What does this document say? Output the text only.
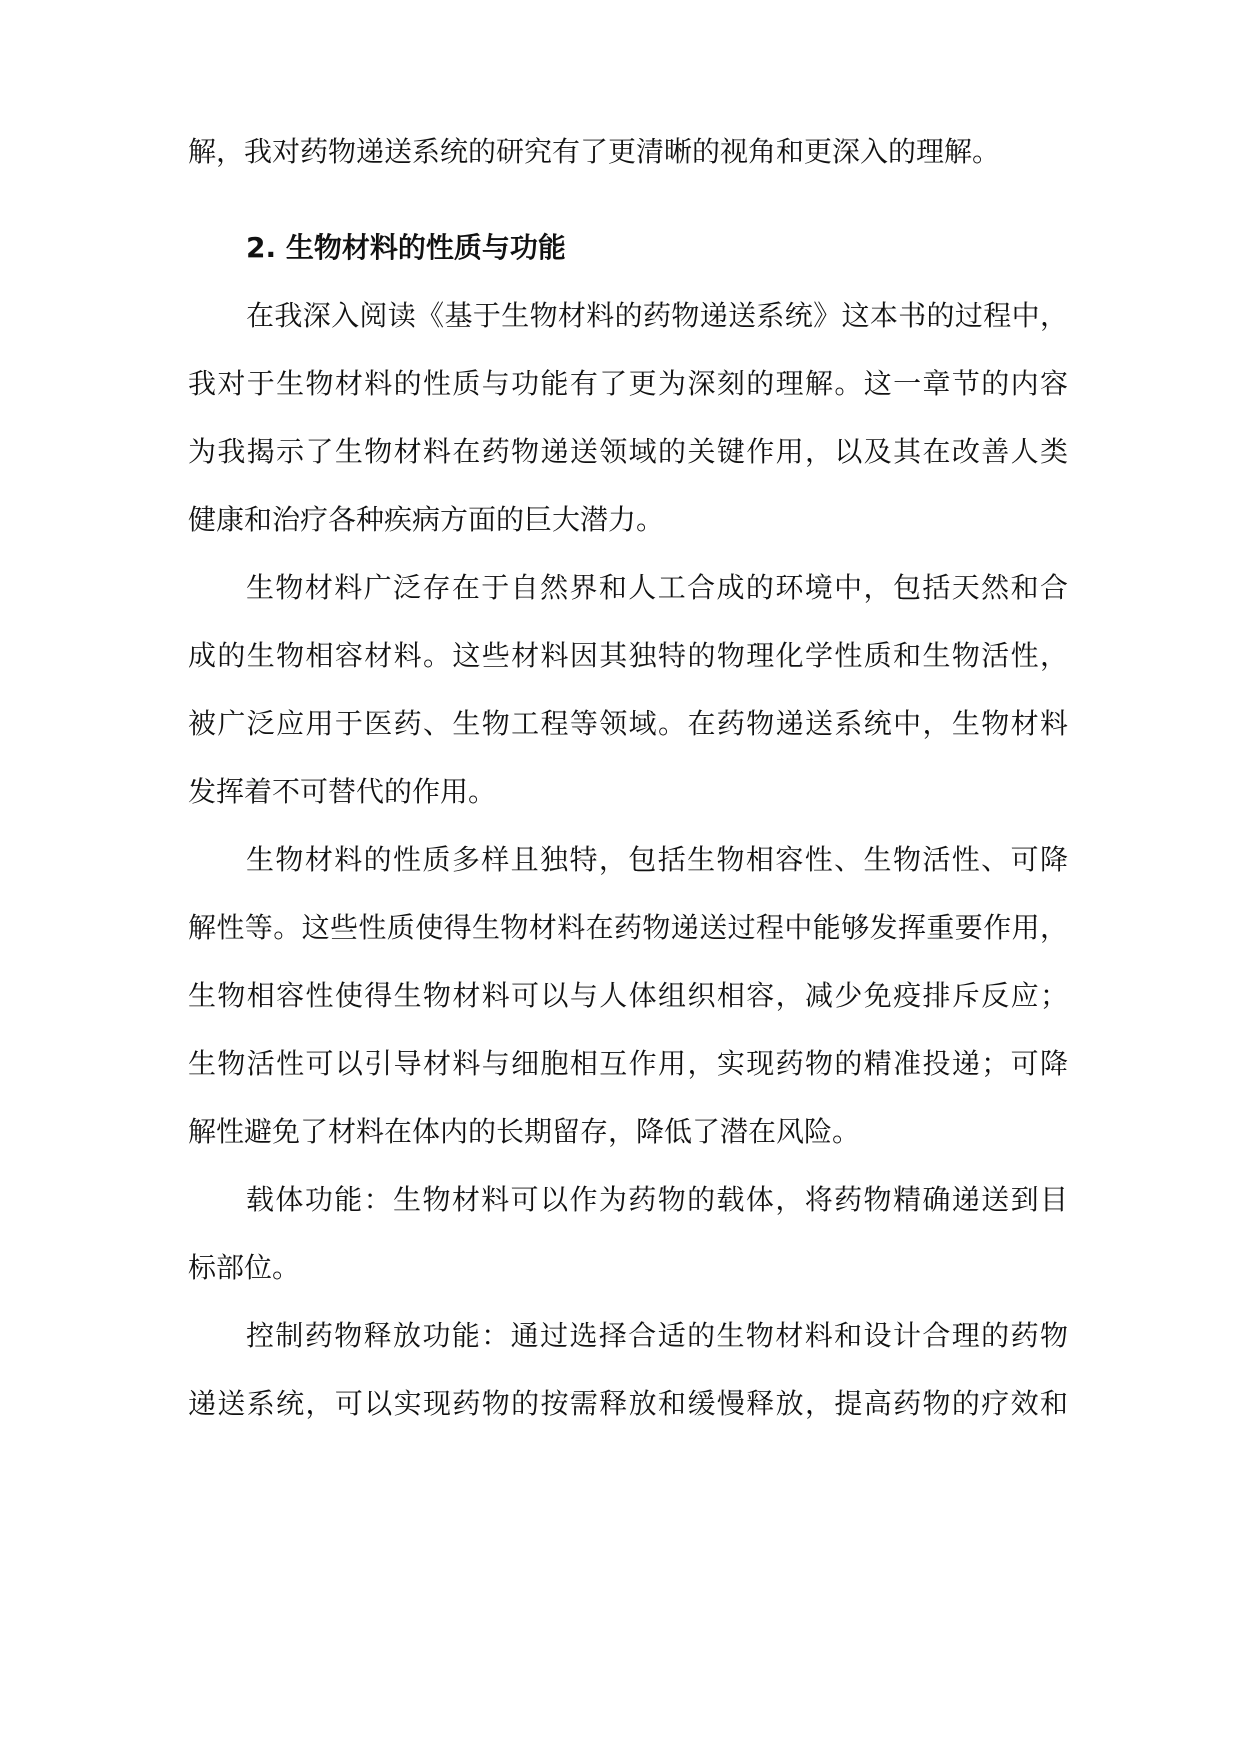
解，我对药物递送系统的研究有了更清晰的视角和更深入的理解。
2. 生物材料的性质与功能
在我深入阅读《基于生物材料的药物递送系统》这本书的过程中，
我对于生物材料的性质与功能有了更为深刻的理解。这一章节的内容
为我揭示了生物材料在药物递送领域的关键作用，以及其在改善人类
健康和治疗各种疾病方面的巨大潜力。
生物材料广泛存在于自然界和人工合成的环境中，包括天然和合
成的生物相容材料。这些材料因其独特的物理化学性质和生物活性，
被广泛应用于医药、生物工程等领域。在药物递送系统中，生物材料
发挥着不可替代的作用。
生物材料的性质多样且独特，包括生物相容性、生物活性、可降
解性等。这些性质使得生物材料在药物递送过程中能够发挥重要作用，
生物相容性使得生物材料可以与人体组织相容，减少免疫排斥反应；
生物活性可以引导材料与细胞相互作用，实现药物的精准投递；可降
解性避免了材料在体内的长期留存，降低了潜在风险。
载体功能：生物材料可以作为药物的载体，将药物精确递送到目
标部位。
控制药物释放功能：通过选择合适的生物材料和设计合理的药物
递送系统，可以实现药物的按需释放和缓慢释放，提高药物的疗效和
